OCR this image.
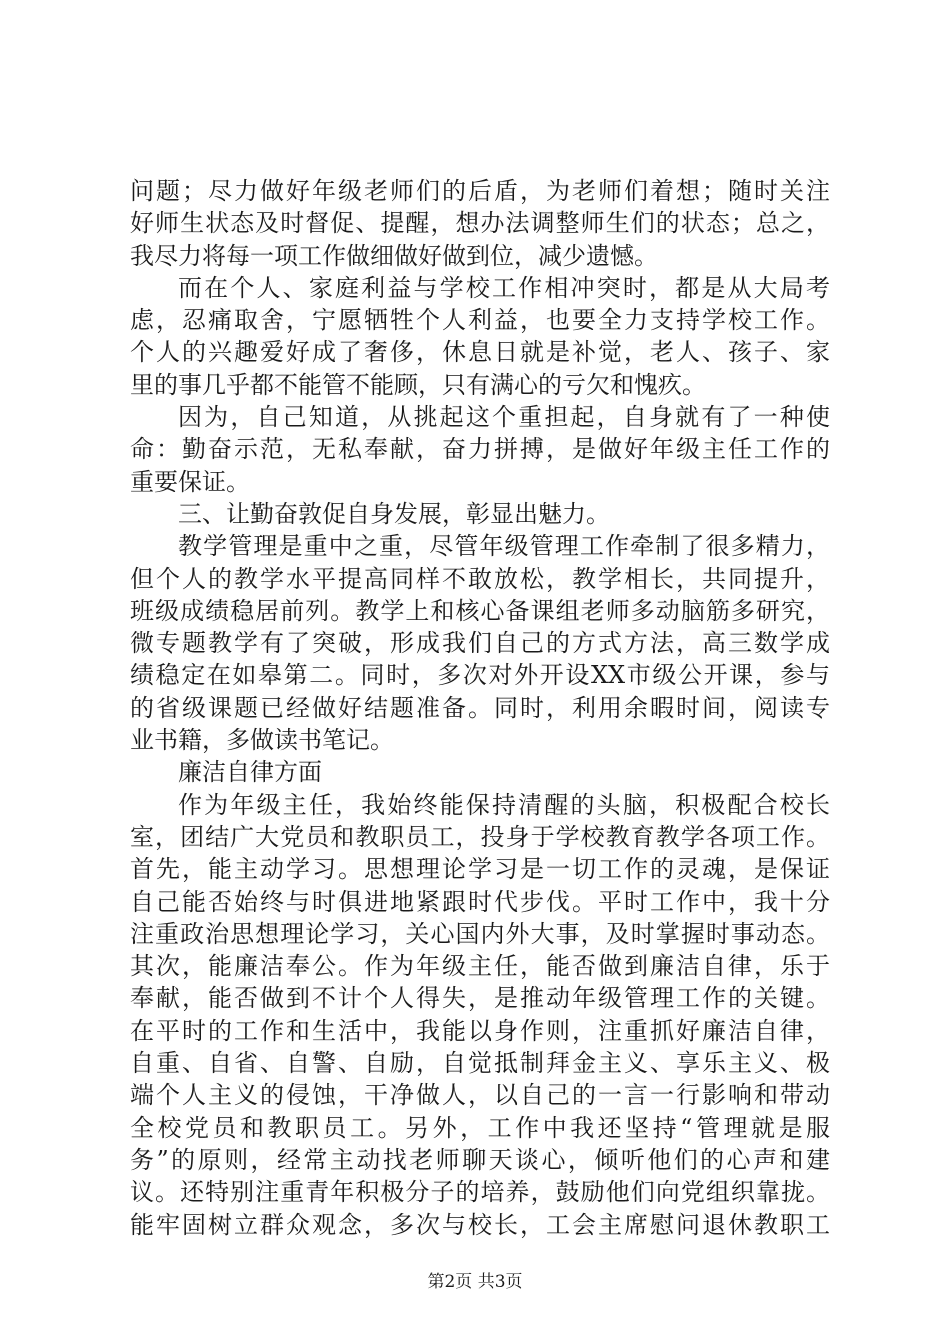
问题；尽力做好年级老师们的后盾，为老师们着想；随时关注
好师生状态及时督促、提醒，想办法调整师生们的状态；总之，
我尽力将每一项工作做细做好做到位，减少遗憾。
而在个人、家庭利益与学校工作相冲突时，都是从大局考
虑，忍痛取舍，宁愿牺牲个人利益，也要全力支持学校工作。
个人的兴趣爱好成了奢侈，休息日就是补觉，老人、孩子、家
里的事几乎都不能管不能顾，只有满心的亏欠和愧疚。
因为，自己知道，从挑起这个重担起，自身就有了一种使
命：勤奋示范，无私奉献，奋力拼搏，是做好年级主任工作的
重要保证。
三、让勤奋敦促自身发展，彰显出魅力。
教学管理是重中之重，尽管年级管理工作牵制了很多精力，
但个人的教学水平提高同样不敢放松，教学相长，共同提升，
班级成绩稳居前列。教学上和核心备课组老师多动脑筋多研究，
微专题教学有了突破，形成我们自己的方式方法，高三数学成
绩稳定在如皋第二。同时，多次对外开设XX市级公开课，参与
的省级课题已经做好结题准备。同时，利用余暇时间，阅读专
业书籍，多做读书笔记。
廉洁自律方面
作为年级主任，我始终能保持清醒的头脑，积极配合校长
室，团结广大党员和教职员工，投身于学校教育教学各项工作。
首先，能主动学习。思想理论学习是一切工作的灵魂，是保证
自己能否始终与时俱进地紧跟时代步伐。平时工作中，我十分
注重政治思想理论学习，关心国内外大事，及时掌握时事动态。
其次，能廉洁奉公。作为年级主任，能否做到廉洁自律，乐于
奉献，能否做到不计个人得失，是推动年级管理工作的关键。
在平时的工作和生活中，我能以身作则，注重抓好廉洁自律，
自重、自省、自警、自励，自觉抵制拜金主义、享乐主义、极
端个人主义的侵蚀，干净做人，以自己的一言一行影响和带动
全校党员和教职员工。另外，工作中我还坚持“管理就是服
务”的原则，经常主动找老师聊天谈心，倾听他们的心声和建
议。还特别注重青年积极分子的培养，鼓励他们向党组织靠拢。
能牢固树立群众观念，多次与校长，工会主席慰问退休教职工
第2页 共3页
